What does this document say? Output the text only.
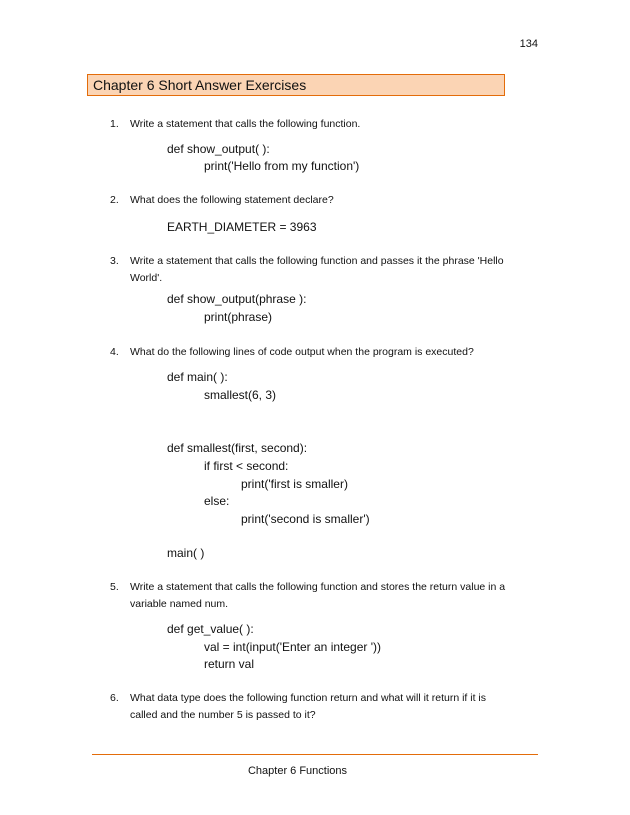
134
Chapter 6 Short Answer Exercises
1. Write a statement that calls the following function.
def show_output( ):
print('Hello from my function')
2. What does the following statement declare?
EARTH_DIAMETER = 3963
3. Write a statement that calls the following function and passes it the phrase 'Hello World'.
def show_output(phrase ):
print(phrase)
4. What do the following lines of code output when the program is executed?
def main( ):
smallest(6, 3)
def smallest(first, second):
if first < second:
print('first is smaller)
else:
print('second is smaller')
main( )
5. Write a statement that calls the following function and stores the return value in a variable named num.
def get_value( ):
val = int(input('Enter an integer '))
return val
6. What data type does the following function return and what will it return if it is called and the number 5 is passed to it?
Chapter 6 Functions
